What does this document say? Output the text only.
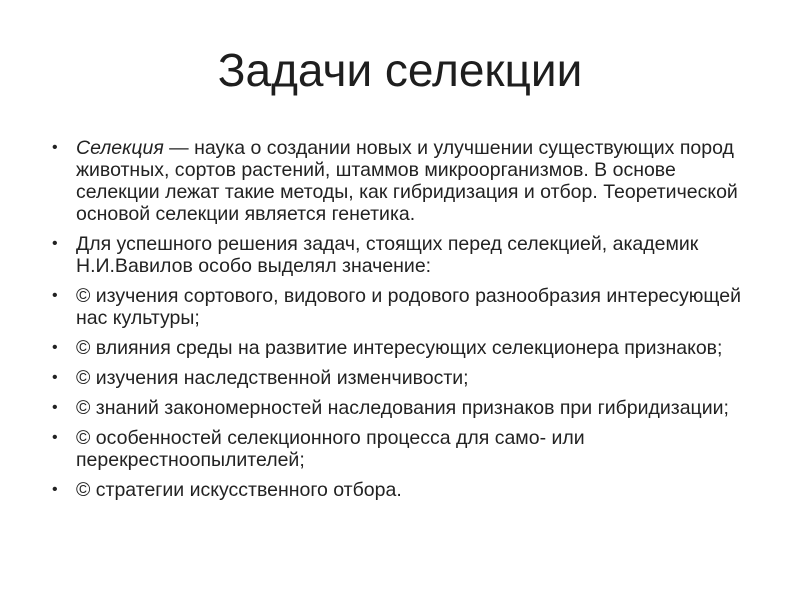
Задачи селекции
• Селекция — наука о создании новых и улучшении существующих пород животных, сортов растений, штаммов микроорганизмов. В основе селекции лежат такие методы, как гибридизация и отбор. Теоретической основой селекции является генетика.
• Для успешного решения задач, стоящих перед селекцией, академик Н.И.Вавилов особо выделял значение:
• © изучения сортового, видового и родового разнообразия интересующей нас культуры;
• © влияния среды на развитие интересующих селекционера признаков;
• © изучения наследственной изменчивости;
• © знаний закономерностей наследования признаков при гибридизации;
• © особенностей селекционного процесса для само- или перекрестноопылителей;
• © стратегии искусственного отбора.
